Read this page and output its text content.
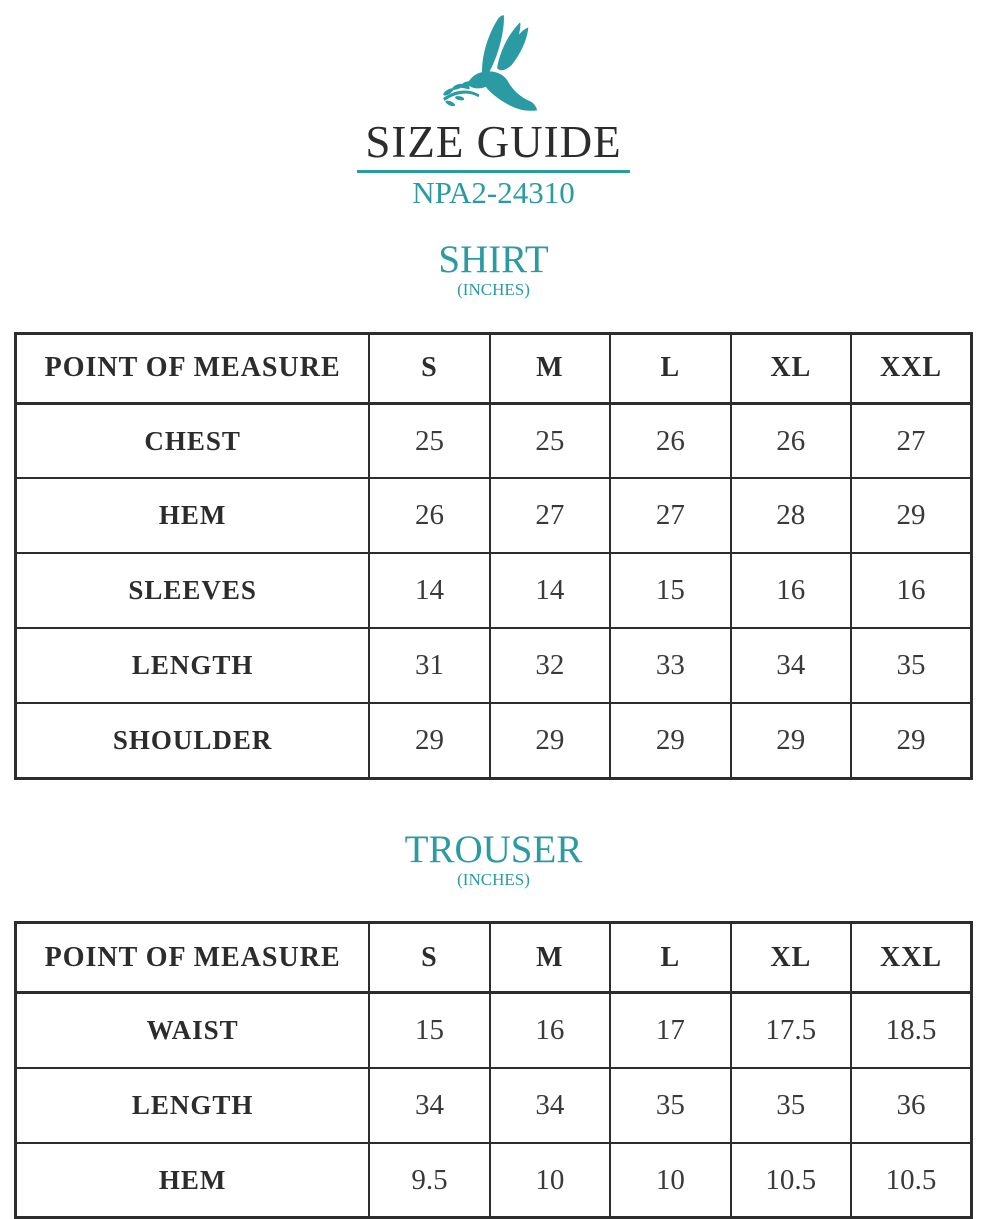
SIZE GUIDE
NPA2-24310
SHIRT
(INCHES)
POINT OF MEASURE	S	M	L	XL	XXL
CHEST	25	25	26	26	27
HEM	26	27	27	28	29
SLEEVES	14	14	15	16	16
LENGTH	31	32	33	34	35
SHOULDER	29	29	29	29	29
TROUSER
(INCHES)
POINT OF MEASURE	S	M	L	XL	XXL
WAIST	15	16	17	17.5	18.5
LENGTH	34	34	35	35	36
HEM	9.5	10	10	10.5	10.5
